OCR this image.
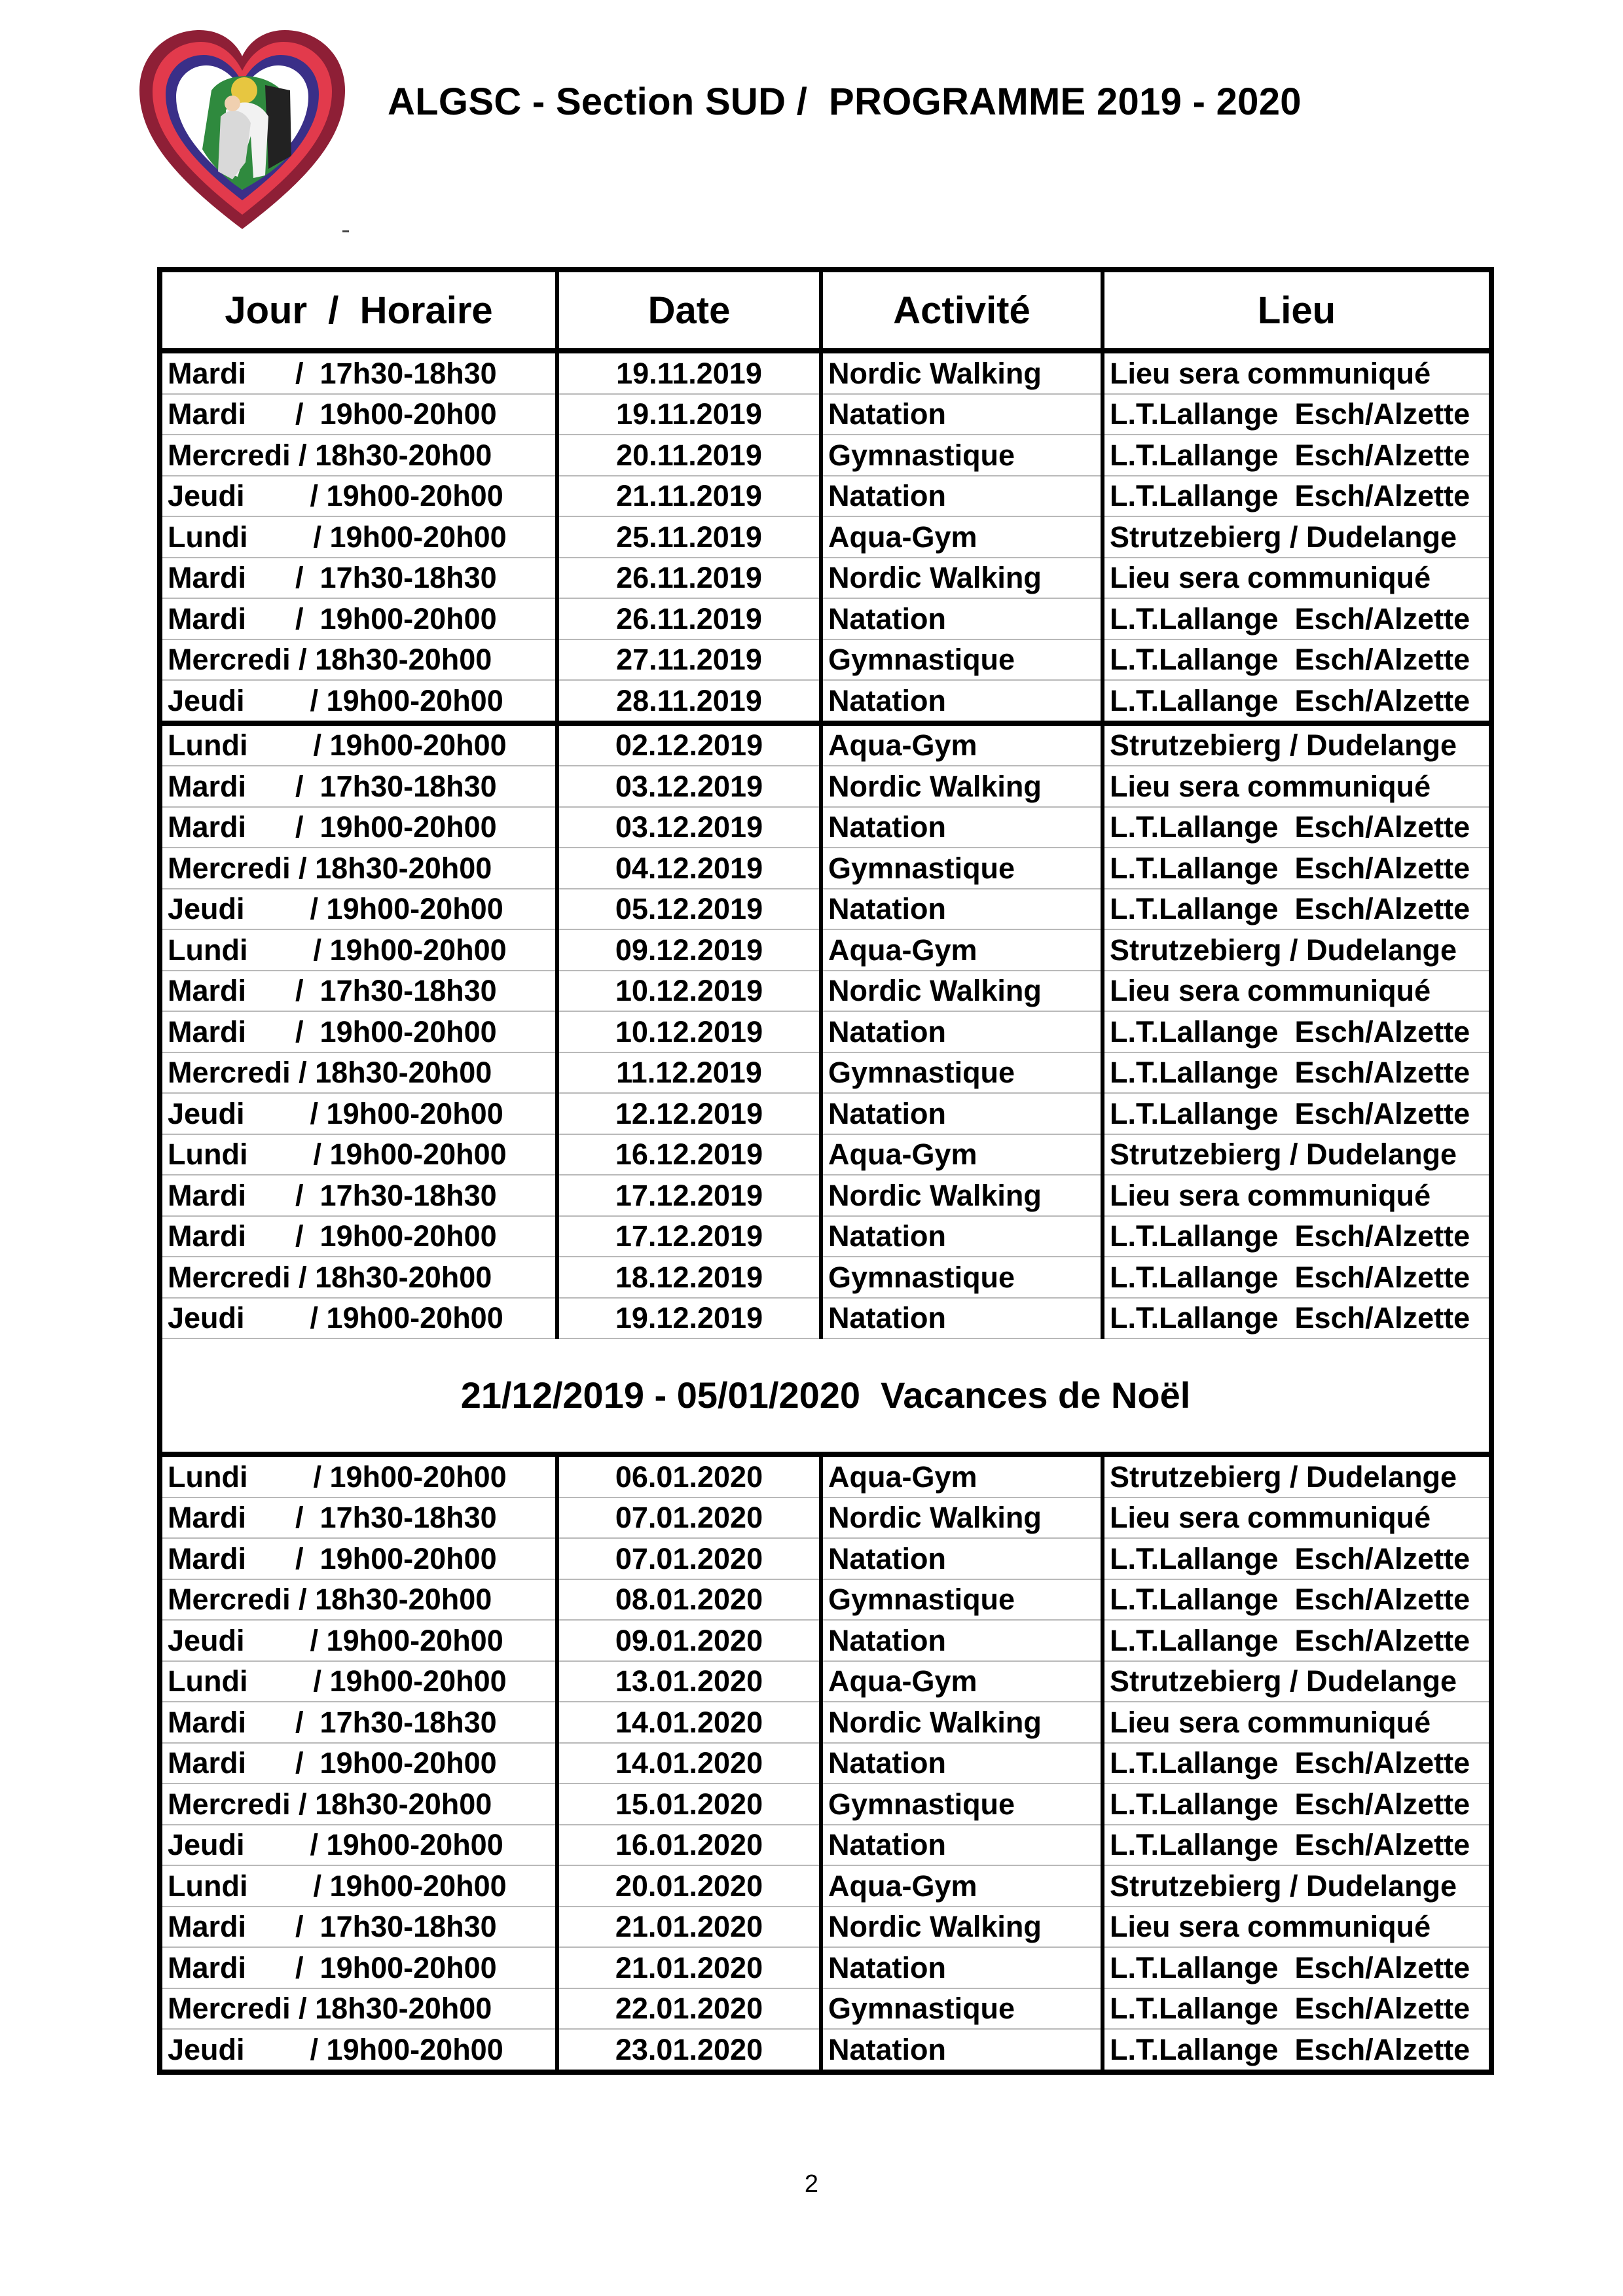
ALGSC - Section SUD /  PROGRAMME 2019 - 2020
Jour  /  Horaire	Date	Activité	Lieu
Mardi      /  17h30-18h30	19.11.2019	Nordic Walking	Lieu sera communiqué
Mardi      /  19h00-20h00	19.11.2019	Natation	L.T.Lallange  Esch/Alzette
Mercredi / 18h30-20h00	20.11.2019	Gymnastique	L.T.Lallange  Esch/Alzette
Jeudi        / 19h00-20h00	21.11.2019	Natation	L.T.Lallange  Esch/Alzette
Lundi        / 19h00-20h00	25.11.2019	Aqua-Gym	Strutzebierg / Dudelange
Mardi      /  17h30-18h30	26.11.2019	Nordic Walking	Lieu sera communiqué
Mardi      /  19h00-20h00	26.11.2019	Natation	L.T.Lallange  Esch/Alzette
Mercredi / 18h30-20h00	27.11.2019	Gymnastique	L.T.Lallange  Esch/Alzette
Jeudi        / 19h00-20h00	28.11.2019	Natation	L.T.Lallange  Esch/Alzette
Lundi        / 19h00-20h00	02.12.2019	Aqua-Gym	Strutzebierg / Dudelange
Mardi      /  17h30-18h30	03.12.2019	Nordic Walking	Lieu sera communiqué
Mardi      /  19h00-20h00	03.12.2019	Natation	L.T.Lallange  Esch/Alzette
Mercredi / 18h30-20h00	04.12.2019	Gymnastique	L.T.Lallange  Esch/Alzette
Jeudi        / 19h00-20h00	05.12.2019	Natation	L.T.Lallange  Esch/Alzette
Lundi        / 19h00-20h00	09.12.2019	Aqua-Gym	Strutzebierg / Dudelange
Mardi      /  17h30-18h30	10.12.2019	Nordic Walking	Lieu sera communiqué
Mardi      /  19h00-20h00	10.12.2019	Natation	L.T.Lallange  Esch/Alzette
Mercredi / 18h30-20h00	11.12.2019	Gymnastique	L.T.Lallange  Esch/Alzette
Jeudi        / 19h00-20h00	12.12.2019	Natation	L.T.Lallange  Esch/Alzette
Lundi        / 19h00-20h00	16.12.2019	Aqua-Gym	Strutzebierg / Dudelange
Mardi      /  17h30-18h30	17.12.2019	Nordic Walking	Lieu sera communiqué
Mardi      /  19h00-20h00	17.12.2019	Natation	L.T.Lallange  Esch/Alzette
Mercredi / 18h30-20h00	18.12.2019	Gymnastique	L.T.Lallange  Esch/Alzette
Jeudi        / 19h00-20h00	19.12.2019	Natation	L.T.Lallange  Esch/Alzette
21/12/2019 - 05/01/2020  Vacances de Noël			
Lundi        / 19h00-20h00	06.01.2020	Aqua-Gym	Strutzebierg / Dudelange
Mardi      /  17h30-18h30	07.01.2020	Nordic Walking	Lieu sera communiqué
Mardi      /  19h00-20h00	07.01.2020	Natation	L.T.Lallange  Esch/Alzette
Mercredi / 18h30-20h00	08.01.2020	Gymnastique	L.T.Lallange  Esch/Alzette
Jeudi        / 19h00-20h00	09.01.2020	Natation	L.T.Lallange  Esch/Alzette
Lundi        / 19h00-20h00	13.01.2020	Aqua-Gym	Strutzebierg / Dudelange
Mardi      /  17h30-18h30	14.01.2020	Nordic Walking	Lieu sera communiqué
Mardi      /  19h00-20h00	14.01.2020	Natation	L.T.Lallange  Esch/Alzette
Mercredi / 18h30-20h00	15.01.2020	Gymnastique	L.T.Lallange  Esch/Alzette
Jeudi        / 19h00-20h00	16.01.2020	Natation	L.T.Lallange  Esch/Alzette
Lundi        / 19h00-20h00	20.01.2020	Aqua-Gym	Strutzebierg / Dudelange
Mardi      /  17h30-18h30	21.01.2020	Nordic Walking	Lieu sera communiqué
Mardi      /  19h00-20h00	21.01.2020	Natation	L.T.Lallange  Esch/Alzette
Mercredi / 18h30-20h00	22.01.2020	Gymnastique	L.T.Lallange  Esch/Alzette
Jeudi        / 19h00-20h00	23.01.2020	Natation	L.T.Lallange  Esch/Alzette
2
